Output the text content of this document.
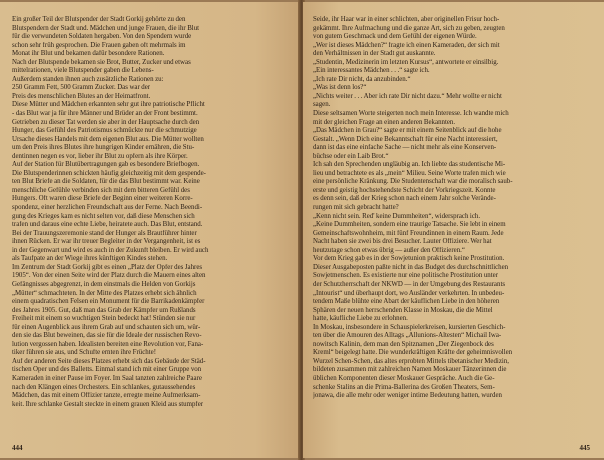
Ein großer Teil der Blutspender der Stadt Gorkij gehörte zu den
Blutspendern der Stadt und. Mädchen und junge Frauen, die ihr Blut
für die verwundeten Soldaten hergaben. Von den Spendern wurde
schon sehr früh gesprochen. Die Frauen gaben oft mehrmals im
Monat ihr Blut und bekamen dafür besondere Rationen.
Nach der Blutspende bekamen sie Brot, Butter, Zucker und etwas
mittelrationen, viele Blutspender gaben die Lebens-
Außerdem standen ihnen auch zusätzliche Rationen zu:
250 Gramm Fett, 500 Gramm Zucker. Das war der
Preis des menschlichen Blutes an der Heimatfront.
Diese Mütter und Mädchen erkannten sehr gut ihre patriotische Pflicht
- das Blut war ja für ihre Männer und Brüder an der Front bestimmt.
Getrieben zu dieser Tat werden sie aber in der Hauptsache durch den
Hunger, das Gefühl des Patriotismus schmückte nur die schmutzige
Ursache dieses Handels mit dem eigenen Blut aus. Die Mütter wollten
um den Preis ihres Blutes ihre hungrigen Kinder ernähren, die Stu-
dentinnen negen es vor, lieber ihr Blut zu opfern als ihre Körper.
Auf der Station für Blutübertragungen gab es besondere Briefbogen.
Die Blutspenderinnen schickten häufig gleichzeitig mit dem gespende-
ten Blut Briefe an die Soldaten, für die das Blut bestimmt war. Keine
menschliche Gefühle verbinden sich mit dem bitteren Gefühl des
Hungers. Oft waren diese Briefe der Beginn einer weiteren Korre-
spondenz, einer herzlichen Freundschaft aus der Ferne. Nach Beendi-
gung des Krieges kam es nicht selten vor, daß diese Menschen sich
trafen und daraus eine echte Liebe, heiratete auch. Das Blut, entstand.
Bei der Trauungszeremonie stand der Hunger als Brautführer hinter
ihnen Rücken. Er war ihr treuer Begleiter in der Vergangenheit, ist es
in der Gegenwart und wird es auch in der Zukunft bleiben. Er wird auch
als Taufpate an der Wiege ihres künftigen Kindes stehen.
Im Zentrum der Stadt Gorkij gibt es einen „Platz der Opfer des Jahres
1905“. Von der einen Seite wird der Platz durch die Mauern eines alten
Gefängnisses abgegrenzt, in dem einstmals die Helden von Gorkijs
„Mütter“ schmachteten. In der Mitte des Platzes erhebt sich ähnlich
einem quadratischen Felsen ein Monument für die Barrikadenkämpfer
des Jahres 1905. Gut, daß man das Grab der Kämpfer um Rußlands
Freiheit mit einem so wuchtigen Stein bedeckt hat! Stünden sie nur
für einen Augenblick aus ihrem Grab auf und schauten sich um, wür-
den sie das Blut beweinen, das sie für die Ideale der russischen Revo-
lution vergossen haben. Idealisten bereiten eine Revolution vor, Fana-
tiker führen sie aus, und Schufte ernten ihre Früchte!
Auf der anderen Seite dieses Platzes erhebt sich das Gebäude der Städ-
tischen Oper und des Balletts. Einmal stand ich mit einer Gruppe von
Kameraden in einer Pause im Foyer. Im Saal tanzten zahlreiche Paare
nach den Klängen eines Orchesters. Ein schlankes, gutaussehendes
Mädchen, das mit einem Offizier tanzte, erregte meine Aufmerksam-
keit. Ihre schlanke Gestalt steckte in einem grauen Kleid aus stumpfer
444
Seide, ihr Haar war in einer schlichten, aber originellen Frisur hoch-
gekämmt. Ihre Aufmachung und die ganze Art, sich zu geben, zeugten
von gutem Geschmack und dem Gefühl der eigenen Würde.
„Wer ist dieses Mädchen?“ fragte ich einen Kameraden, der sich mit
den Verhältnissen in der Stadt gut auskannte.
„Studentin, Medizinerin im letzten Kursus“, antwortete er einsilbig.
„Ein interessantes Mädchen . . .“ sagte ich.
„Ich rate Dir nicht, da anzubinden.“
„Was ist denn los?“
„Nichts weiter . . . Aber ich rate Dir nicht dazu.“ Mehr wollte er nicht
sagen.
Diese seltsamen Worte steigerten noch mein Interesse. Ich wandte mich
mit der gleichen Frage an einen anderen Bekannten.
„Das Mädchen in Grau?“ sagte er mit einem Seitenblick auf die hohe
Gestalt. „Wenn Dich eine Bekanntschaft für eine Nacht interessiert,
dann ist das eine einfache Sache — nicht mehr als eine Konserven-
büchse oder ein Laib Brot.“
Ich sah den Sprechenden ungläubig an. Ich liebte das studentische Mi-
lieu und betrachtete es als „mein“ Milieu. Seine Worte trafen mich wie
eine persönliche Kränkung. Die Studentenschaft war die moralisch saub-
erste und geistig hochstehendste Schicht der Vorkriegszeit. Konnte
es denn sein, daß der Krieg schon nach einem Jahr solche Verände-
rungen mit sich gebracht hatte?
„Kenn nicht sein. Red' keine Dummheiten“, widersprach ich.
„Keine Dummheiten, sondern eine traurige Tatsache. Sie lebt in einem
Gemeinschaftswohnheim, mit fünf Freundinnen in einem Raum. Jede
Nacht haben sie zwei bis drei Besucher. Lauter Offiziere. Wer hat
heutzutage schon etwas übrig — außer den Offizieren.“
Vor dem Krieg gab es in der Sowjetunion praktisch keine Prostitution.
Dieser Ausgabeposten paßte nicht in das Budget des durchschnittlichen
Sowjetmenschen. Es existierte nur eine politische Prostitution unter
der Schutzherrschaft der NKWD — in der Umgebung des Restaurants
„Intourist“ und überhaupt dort, wo Ausländer verkehrten. In unbedeu-
tendem Maße blühte eine Abart der käuflichen Liebe in den höheren
Sphären der neuen herrschenden Klasse in Moskau, die die Mittel
hatte, käufliche Liebe zu erlohnen.
In Moskau, insbesondere in Schauspielerkreisen, kursierten Geschich-
ten über die Amouren des Alltags „Allunions-Ältesten“ Michail Iwa-
nowitsch Kalinin, dem man den Spitznamen „Der Ziegenbock des
Kreml“ beigelegt hatte. Die wunderkräftigen Kräfte der geheimnisvollen
Wurzel Schen-Schen, das altes erprobten Mittels tibetanischer Medizin,
bildeten zusammen mit zahlreichen Namen Moskauer Tänzerinnen die
üblichen Komponenten dieser Moskauer Gespräche. Auch die Ge-
schenke Stalins an die Prima-Ballerina des Großen Theaters, Sem-
jonawa, die alle mehr oder weniger intime Bedeutung hatten, wurden
445
